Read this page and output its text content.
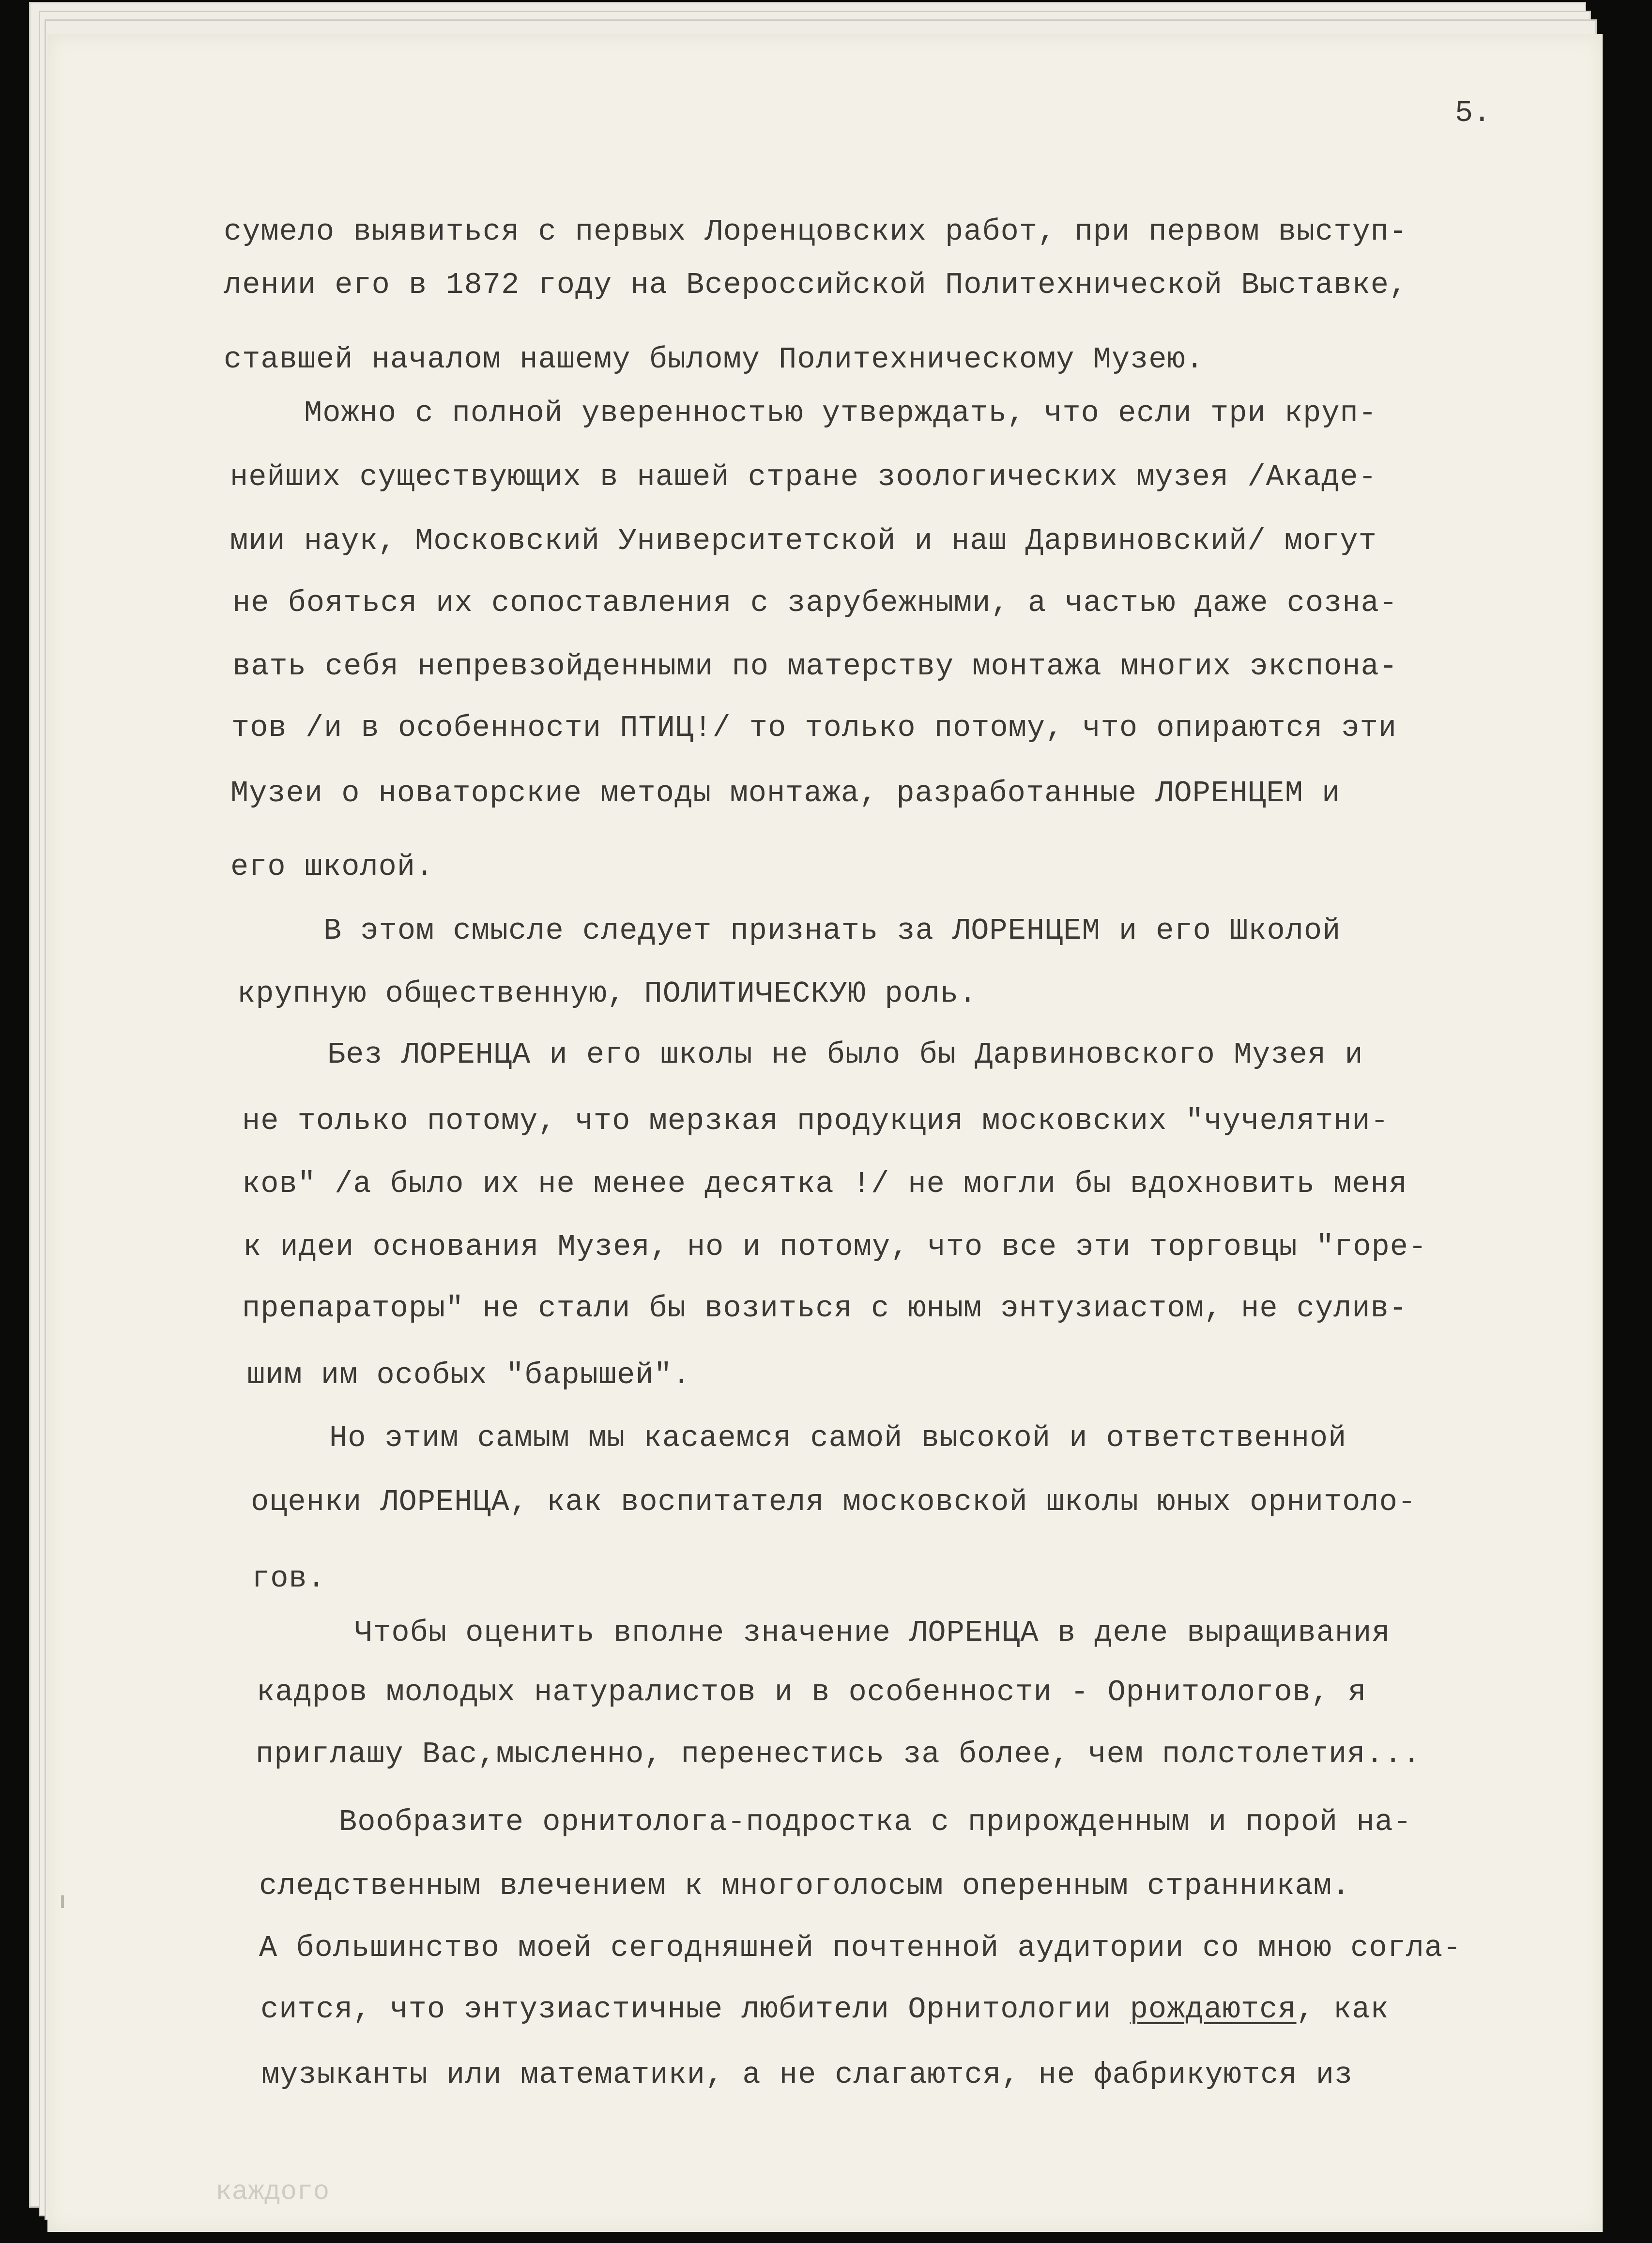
5.
сумело выявиться с первых Лоренцовских работ, при первом выступ-
лении его в 1872 году на Всероссийской Политехнической Выставке,
ставшей началом нашему былому Политехническому Музею.
Можно с полной уверенностью утверждать, что если три круп-
нейших существующих в нашей стране зоологических музея /Акаде-
мии наук, Московский Университетской и наш Дарвиновский/ могут
не бояться их сопоставления с зарубежными, а частью даже созна-
вать себя непревзойденными по матерству монтажа многих экспона-
тов /и в особенности ПТИЦ!/ то только потому, что опираются эти
Музеи о новаторские методы монтажа, разработанные ЛОРЕНЦЕМ и
его школой.
В этом смысле следует признать за ЛОРЕНЦЕМ и его Школой
крупную общественную, ПОЛИТИЧЕСКУЮ роль.
Без ЛОРЕНЦА и его школы не было бы Дарвиновского Музея и
не только потому, что мерзкая продукция московских "чучелятни-
ков" /а было их не менее десятка !/ не могли бы вдохновить меня
к идеи основания Музея, но и потому, что все эти торговцы "горе-
препараторы" не стали бы возиться с юным энтузиастом, не сулив-
шим им особых "барышей".
Но этим самым мы касаемся самой высокой и ответственной
оценки ЛОРЕНЦА, как воспитателя московской школы юных орнитоло-
гов.
Чтобы оценить вполне значение ЛОРЕНЦА в деле выращивания
кадров молодых натуралистов и в особенности - Орнитологов, я
приглашу Вас,мысленно, перенестись за более, чем полстолетия...
Вообразите орнитолога-подростка с прирожденным и порой на-
следственным влечением к многоголосым оперенным странникам.
А большинство моей сегодняшней почтенной аудитории со мною согла-
сится, что энтузиастичные любители Орнитологии рождаются, как
музыканты или математики, а не слагаются, не фабрикуются из
каждого
